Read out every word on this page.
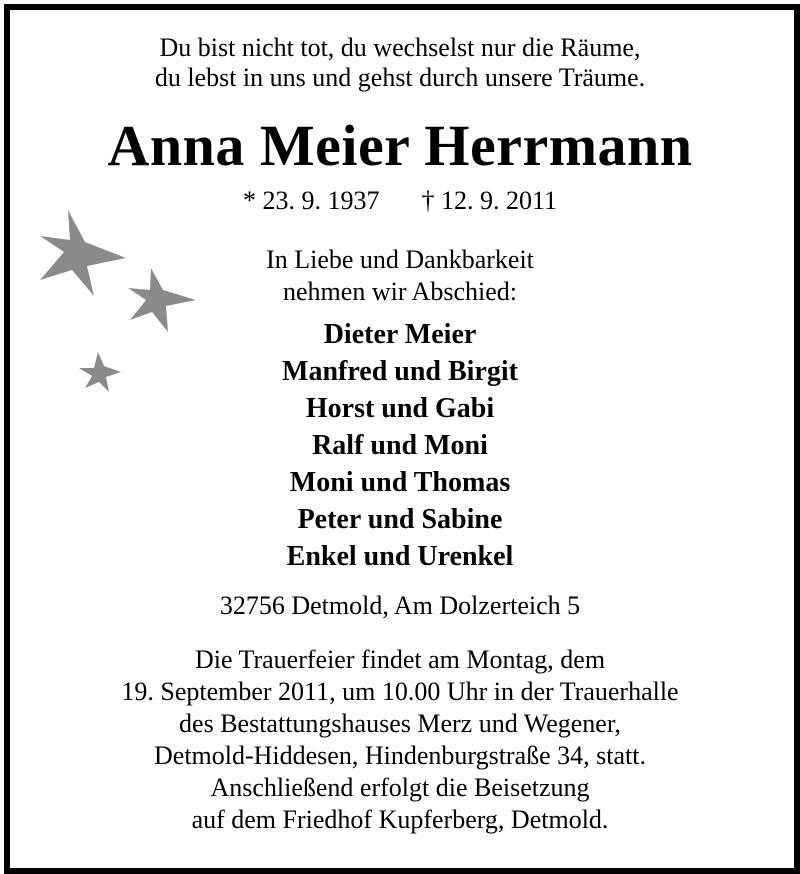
Du bist nicht tot, du wechselst nur die Räume,
du lebst in uns und gehst durch unsere Träume.
Anna Meier Herrmann
* 23. 9. 1937 † 12. 9. 2011
In Liebe und Dankbarkeit
nehmen wir Abschied:
Dieter Meier
Manfred und Birgit
Horst und Gabi
Ralf und Moni
Moni und Thomas
Peter und Sabine
Enkel und Urenkel
32756 Detmold, Am Dolzerteich 5
Die Trauerfeier findet am Montag, dem
19. September 2011, um 10.00 Uhr in der Trauerhalle
des Bestattungshauses Merz und Wegener,
Detmold-Hiddesen, Hindenburgstraße 34, statt.
Anschließend erfolgt die Beisetzung
auf dem Friedhof Kupferberg, Detmold.
